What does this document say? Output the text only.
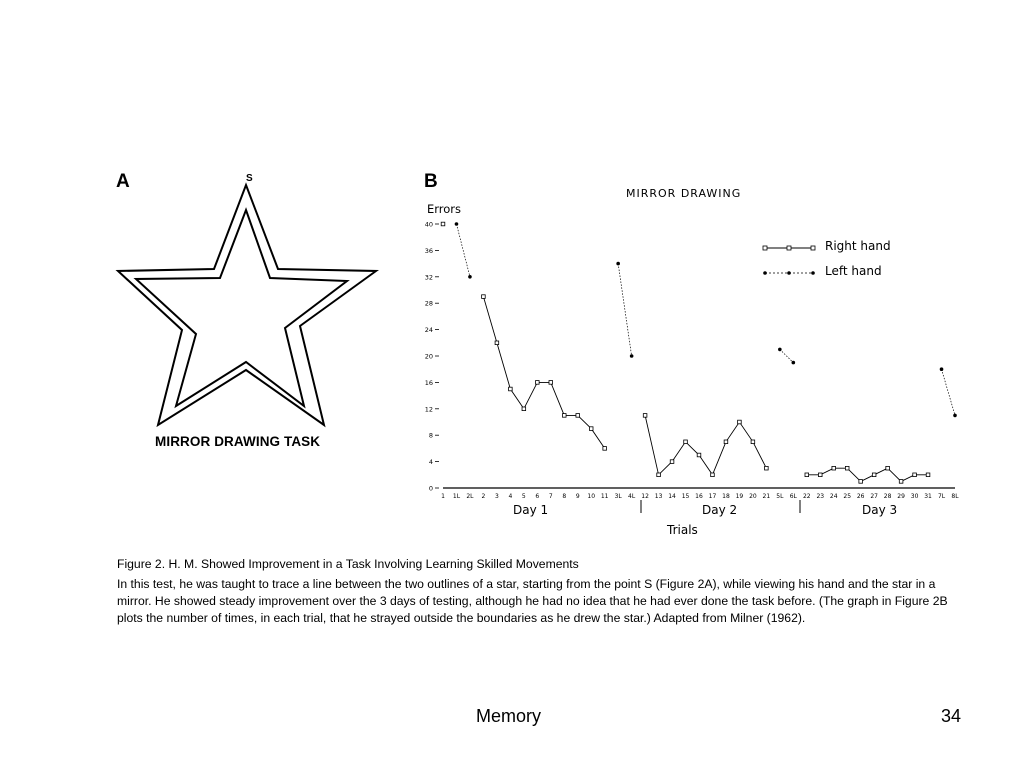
A	S
MIRROR DRAWING TASK
B
MIRROR DRAWING
Errors
0
4
8
12
16
20
24
28
32
36
40
1 1L 2L 2 3 4 5 6 7 8 9 10 11 3L 4L 12 13 14 15 16 17 18 19 20 21 5L 6L 22 23 24 25 26 27 28 29 30 31 7L 8L
Day 1	Day 2	Day 3
Trials
Right hand
Left hand
Figure 2. H. M. Showed Improvement in a Task Involving Learning Skilled Movements
In this test, he was taught to trace a line between the two outlines of a star, starting from the point S (Figure 2A), while viewing his hand and the star in a mirror. He showed steady improvement over the 3 days of testing, although he had no idea that he had ever done the task before. (The graph in Figure 2B plots the number of times, in each trial, that he strayed outside the boundaries as he drew the star.) Adapted from Milner (1962).
Memory	34
